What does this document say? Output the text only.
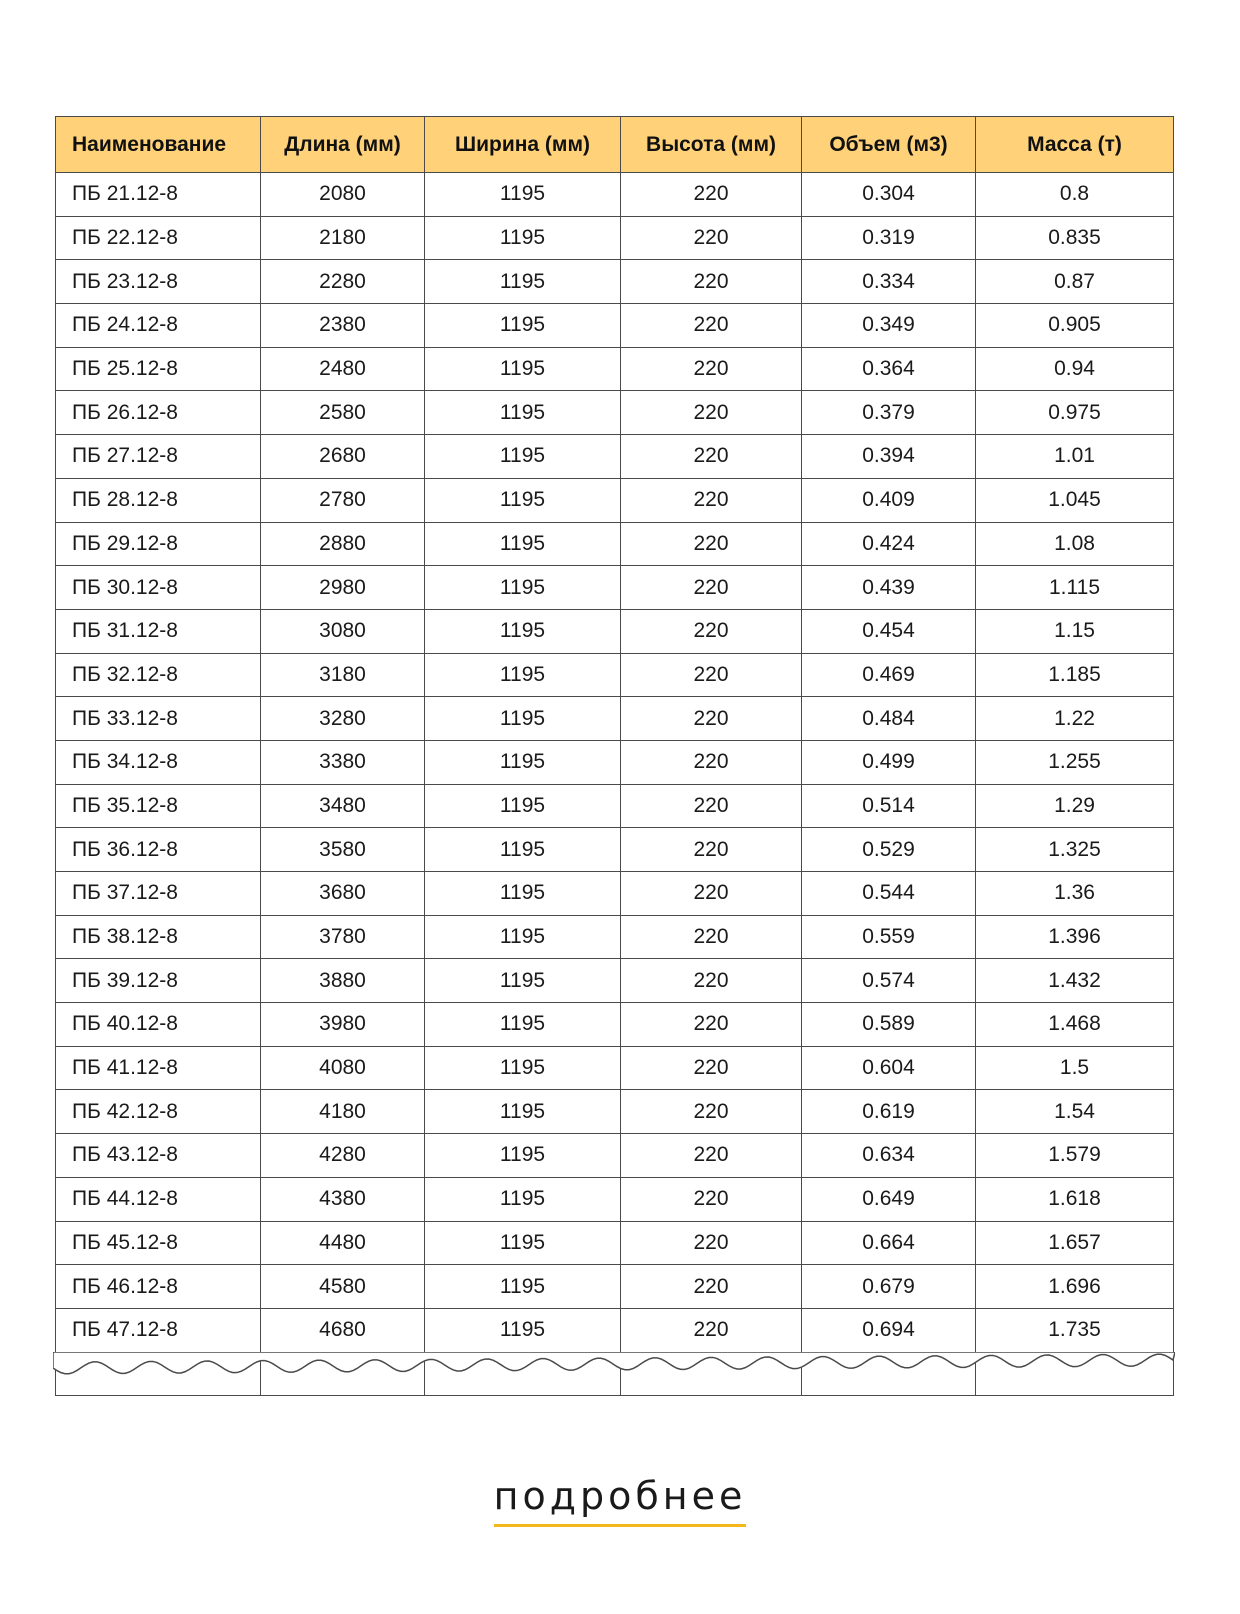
Наименование	Длина (мм)	Ширина (мм)	Высота (мм)	Объем (м3)	Масса (т)
ПБ 21.12-8	2080	1195	220	0.304	0.8
ПБ 22.12-8	2180	1195	220	0.319	0.835
ПБ 23.12-8	2280	1195	220	0.334	0.87
ПБ 24.12-8	2380	1195	220	0.349	0.905
ПБ 25.12-8	2480	1195	220	0.364	0.94
ПБ 26.12-8	2580	1195	220	0.379	0.975
ПБ 27.12-8	2680	1195	220	0.394	1.01
ПБ 28.12-8	2780	1195	220	0.409	1.045
ПБ 29.12-8	2880	1195	220	0.424	1.08
ПБ 30.12-8	2980	1195	220	0.439	1.115
ПБ 31.12-8	3080	1195	220	0.454	1.15
ПБ 32.12-8	3180	1195	220	0.469	1.185
ПБ 33.12-8	3280	1195	220	0.484	1.22
ПБ 34.12-8	3380	1195	220	0.499	1.255
ПБ 35.12-8	3480	1195	220	0.514	1.29
ПБ 36.12-8	3580	1195	220	0.529	1.325
ПБ 37.12-8	3680	1195	220	0.544	1.36
ПБ 38.12-8	3780	1195	220	0.559	1.396
ПБ 39.12-8	3880	1195	220	0.574	1.432
ПБ 40.12-8	3980	1195	220	0.589	1.468
ПБ 41.12-8	4080	1195	220	0.604	1.5
ПБ 42.12-8	4180	1195	220	0.619	1.54
ПБ 43.12-8	4280	1195	220	0.634	1.579
ПБ 44.12-8	4380	1195	220	0.649	1.618
ПБ 45.12-8	4480	1195	220	0.664	1.657
ПБ 46.12-8	4580	1195	220	0.679	1.696
ПБ 47.12-8	4680	1195	220	0.694	1.735

подробнее
